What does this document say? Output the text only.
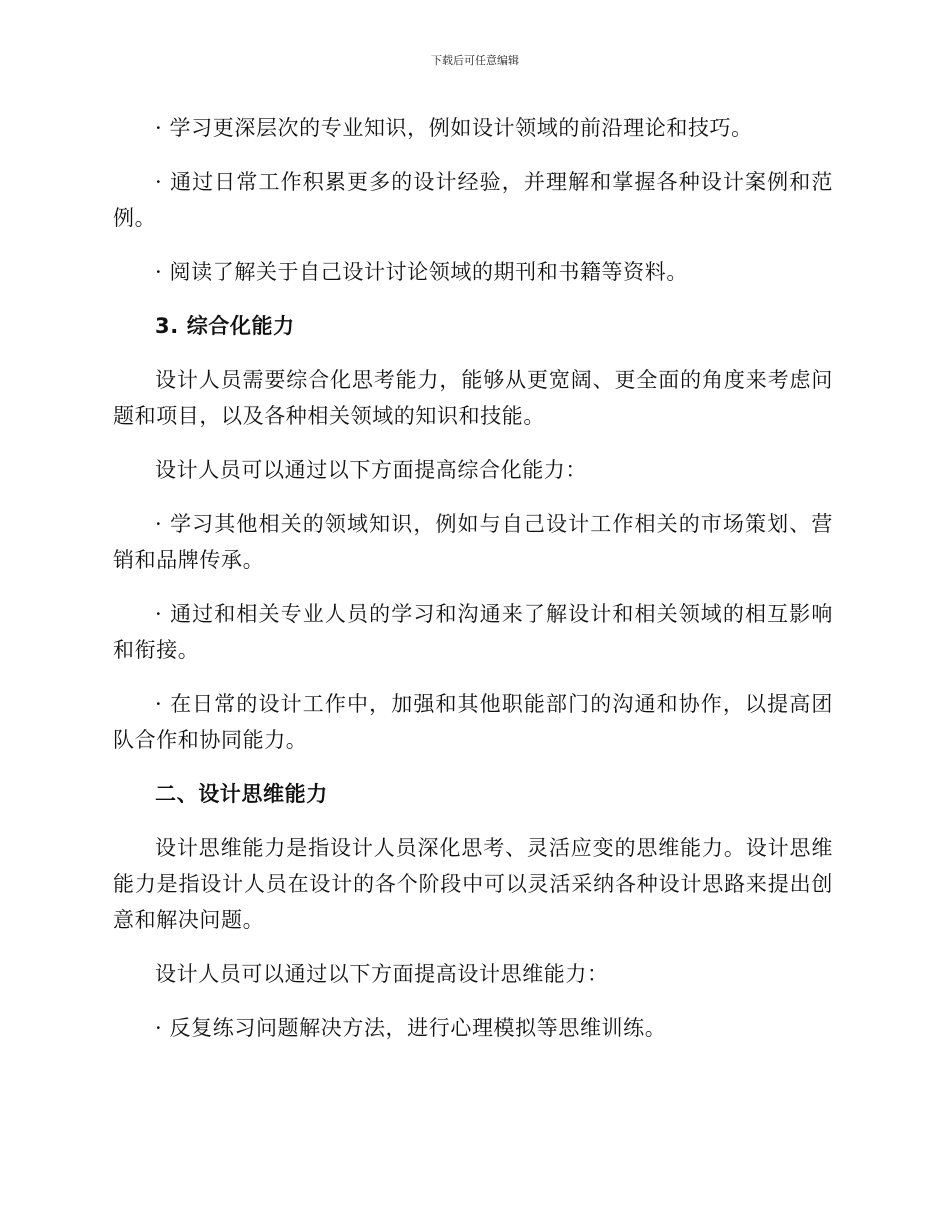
下载后可任意编辑

· 学习更深层次的专业知识，例如设计领域的前沿理论和技巧。

· 通过日常工作积累更多的设计经验，并理解和掌握各种设计案例和范例。

· 阅读了解关于自己设计讨论领域的期刊和书籍等资料。

3. 综合化能力

设计人员需要综合化思考能力，能够从更宽阔、更全面的角度来考虑问题和项目，以及各种相关领域的知识和技能。

设计人员可以通过以下方面提高综合化能力：

· 学习其他相关的领域知识，例如与自己设计工作相关的市场策划、营销和品牌传承。

· 通过和相关专业人员的学习和沟通来了解设计和相关领域的相互影响和衔接。

· 在日常的设计工作中，加强和其他职能部门的沟通和协作，以提高团队合作和协同能力。

二、设计思维能力

设计思维能力是指设计人员深化思考、灵活应变的思维能力。设计思维能力是指设计人员在设计的各个阶段中可以灵活采纳各种设计思路来提出创意和解决问题。

设计人员可以通过以下方面提高设计思维能力：

· 反复练习问题解决方法，进行心理模拟等思维训练。
